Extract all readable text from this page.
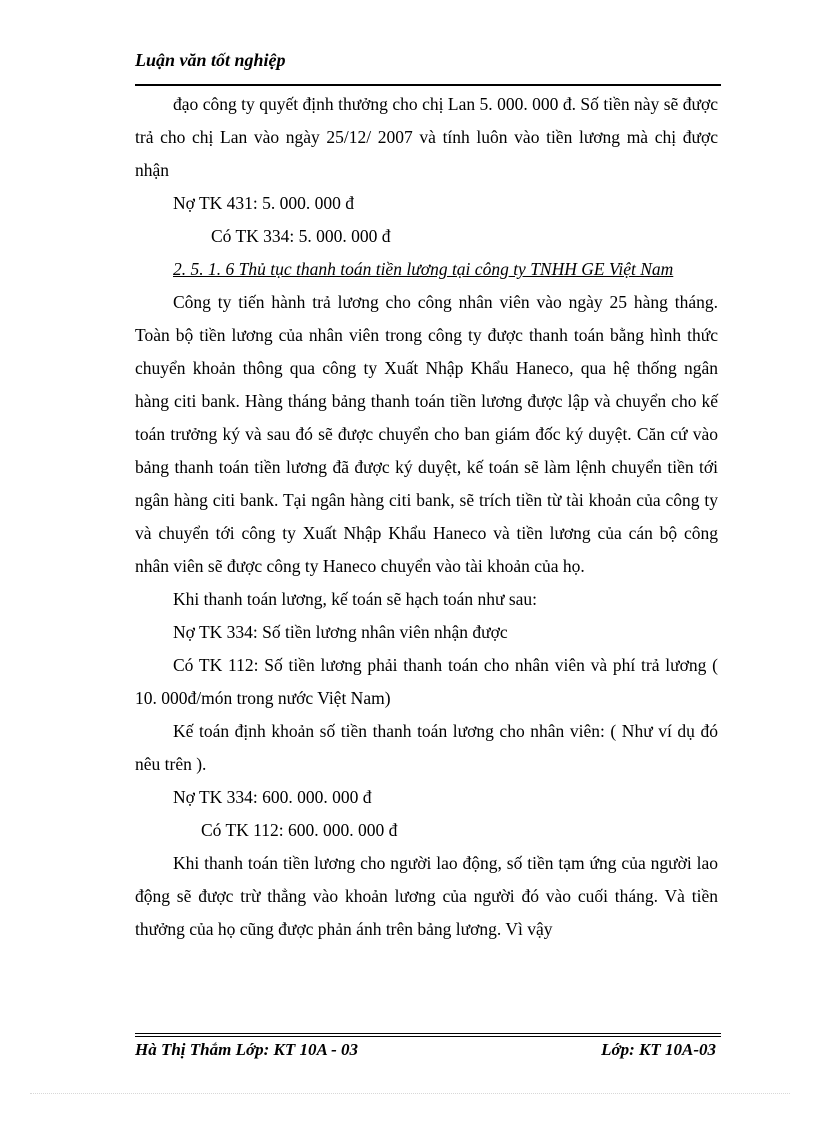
Luận văn tốt nghiệp

đạo công ty quyết định thưởng cho chị Lan 5. 000. 000 đ. Số tiền này sẽ được trả cho chị Lan vào ngày 25/12/ 2007 và tính luôn vào tiền lương mà chị được nhận

Nợ TK 431: 5. 000. 000 đ

Có TK 334: 5. 000. 000 đ

2. 5. 1. 6 Thủ tục thanh toán tiền lương tại công ty TNHH GE Việt Nam

Công ty tiến hành trả lương cho công nhân viên vào ngày 25 hàng tháng. Toàn bộ tiền lương của nhân viên trong công ty được thanh toán bằng hình thức chuyển khoản thông qua công ty Xuất Nhập Khẩu Haneco, qua hệ thống ngân hàng citi bank. Hàng tháng bảng thanh toán tiền lương được lập và chuyển cho kế toán trưởng ký và sau đó sẽ được chuyển cho ban giám đốc ký duyệt. Căn cứ vào bảng thanh toán tiền lương đã được ký duyệt, kế toán sẽ làm lệnh chuyển tiền tới ngân hàng citi bank. Tại ngân hàng citi bank, sẽ trích tiền từ tài khoản của công ty và chuyển tới công ty Xuất Nhập Khẩu Haneco và tiền lương của cán bộ công nhân viên sẽ được công ty Haneco chuyển vào tài khoản của họ.

Khi thanh toán lương, kế toán sẽ hạch toán như sau:

Nợ TK 334: Số tiền lương nhân viên nhận được

Có TK 112: Số tiền lương phải thanh toán cho nhân viên và phí trả lương ( 10. 000đ/món trong nước Việt Nam)

Kế toán định khoản số tiền thanh toán lương cho nhân viên: ( Như ví dụ đó nêu trên ).

Nợ TK 334: 600. 000. 000 đ

Có TK 112: 600. 000. 000 đ

Khi thanh toán tiền lương cho người lao động, số tiền tạm ứng của người lao động sẽ được trừ thẳng vào khoản lương của người đó vào cuối tháng. Và tiền thưởng của họ cũng được phản ánh trên bảng lương. Vì vậy

Hà Thị Thắm Lớp: KT 10A - 03	Lớp: KT 10A-03
